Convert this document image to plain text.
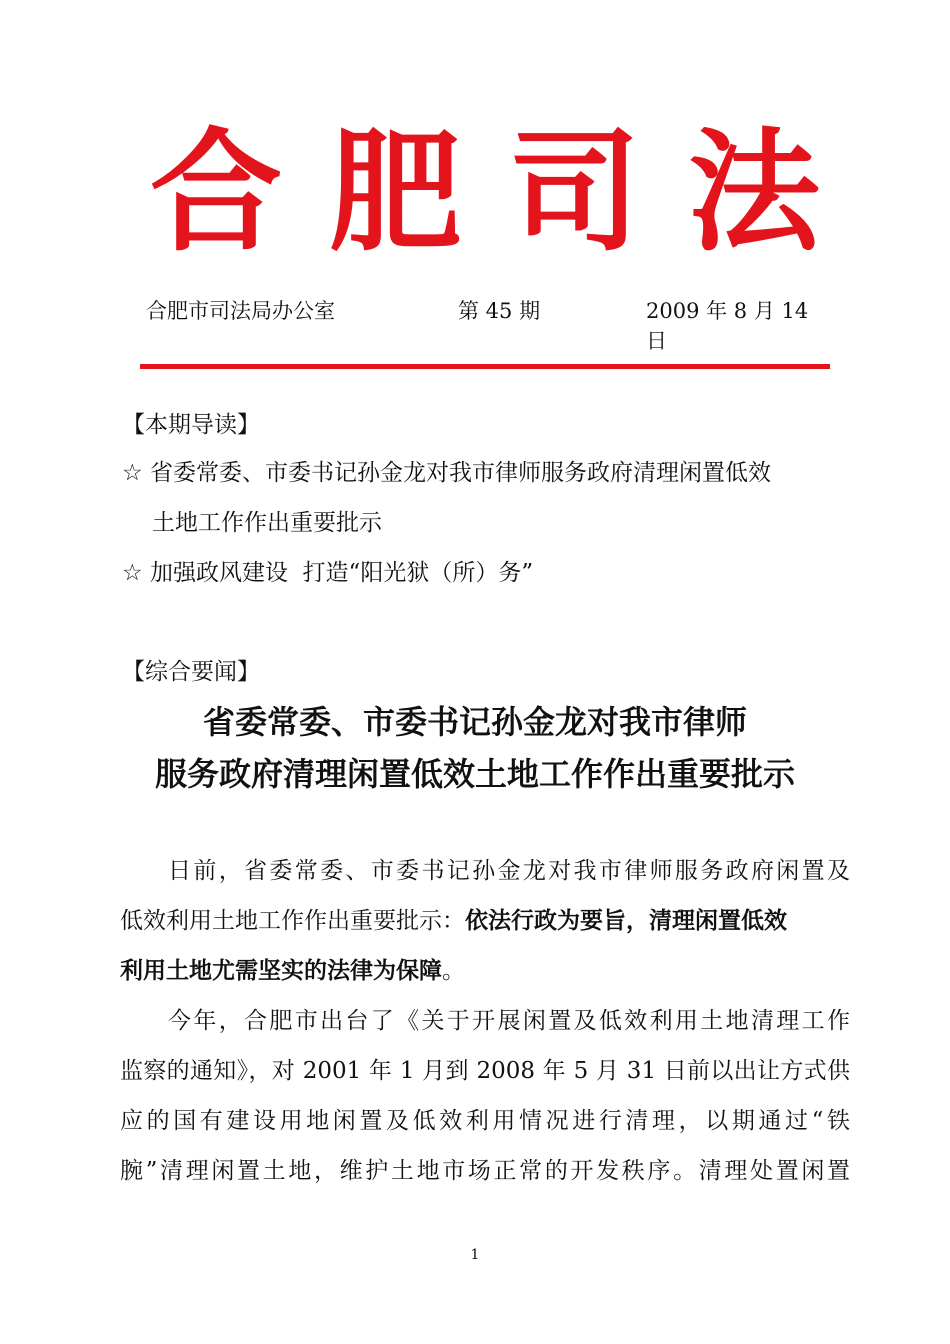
合 肥 司 法
合肥市司法局办公室	第 45 期	2009 年 8 月 14 日
【本期导读】
☆ 省委常委、市委书记孙金龙对我市律师服务政府清理闲置低效
土地工作作出重要批示
☆ 加强政风建设  打造“阳光狱（所）务”
【综合要闻】
省委常委、市委书记孙金龙对我市律师
服务政府清理闲置低效土地工作作出重要批示
日前，省委常委、市委书记孙金龙对我市律师服务政府闲置及
低效利用土地工作作出重要批示：依法行政为要旨，清理闲置低效
利用土地尤需坚实的法律为保障。
今年，合肥市出台了《关于开展闲置及低效利用土地清理工作
监察的通知》，对 2001 年 1 月到 2008 年 5 月 31 日前以出让方式供
应的国有建设用地闲置及低效利用情况进行清理，以期通过“铁
腕”清理闲置土地，维护土地市场正常的开发秩序。清理处置闲置
1
